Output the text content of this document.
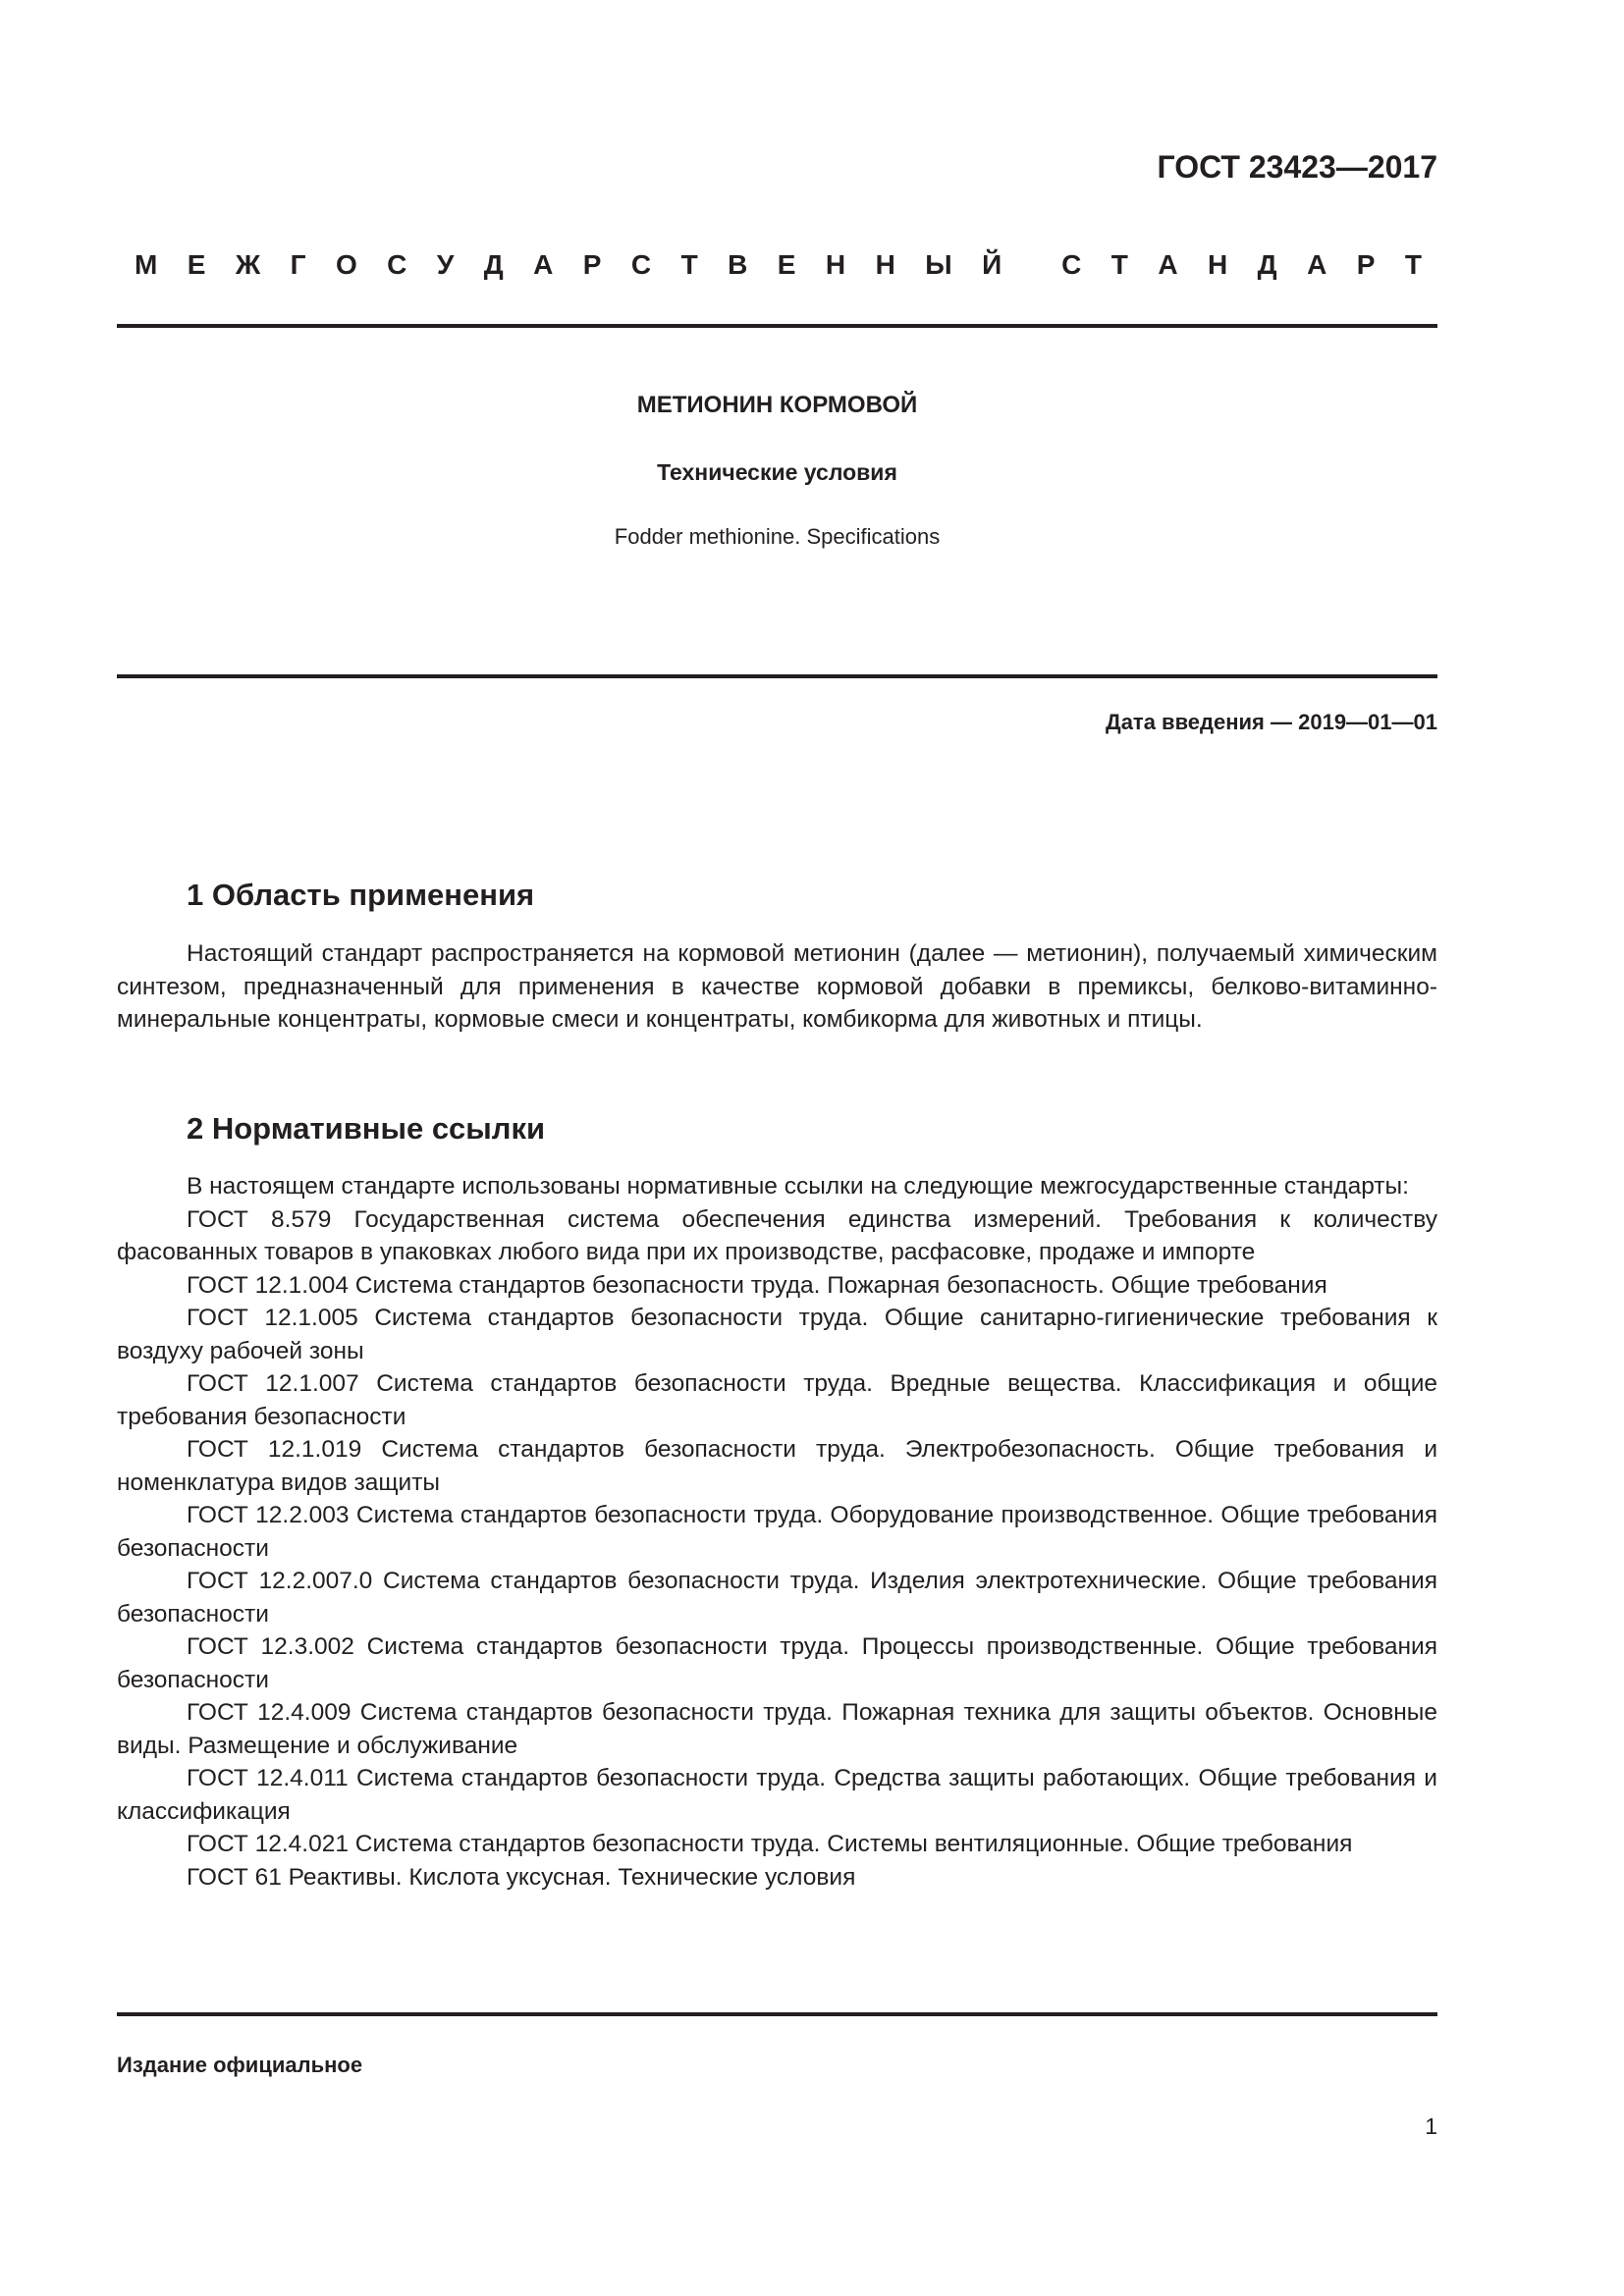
ГОСТ 23423—2017
М Е Ж Г О С У Д А Р С Т В Е Н Н Ы Й С Т А Н Д А Р Т
МЕТИОНИН КОРМОВОЙ
Технические условия
Fodder methionine. Specifications
Дата введения — 2019—01—01
1 Область применения

Настоящий стандарт распространяется на кормовой метионин (далее — метионин), получаемый химическим синтезом, предназначенный для применения в качестве кормовой добавки в премиксы, белково-витаминно-минеральные концентраты, кормовые смеси и концентраты, комбикорма для животных и птицы.

2 Нормативные ссылки

В настоящем стандарте использованы нормативные ссылки на следующие межгосударственные стандарты:

ГОСТ 8.579 Государственная система обеспечения единства измерений. Требования к количеству фасованных товаров в упаковках любого вида при их производстве, расфасовке, продаже и импорте

ГОСТ 12.1.004 Система стандартов безопасности труда. Пожарная безопасность. Общие требования

ГОСТ 12.1.005 Система стандартов безопасности труда. Общие санитарно-гигиенические требования к воздуху рабочей зоны

ГОСТ 12.1.007 Система стандартов безопасности труда. Вредные вещества. Классификация и общие требования безопасности

ГОСТ 12.1.019 Система стандартов безопасности труда. Электробезопасность. Общие требования и номенклатура видов защиты

ГОСТ 12.2.003 Система стандартов безопасности труда. Оборудование производственное. Общие требования безопасности

ГОСТ 12.2.007.0 Система стандартов безопасности труда. Изделия электротехнические. Общие требования безопасности

ГОСТ 12.3.002 Система стандартов безопасности труда. Процессы производственные. Общие требования безопасности

ГОСТ 12.4.009 Система стандартов безопасности труда. Пожарная техника для защиты объектов. Основные виды. Размещение и обслуживание

ГОСТ 12.4.011 Система стандартов безопасности труда. Средства защиты работающих. Общие требования и классификация

ГОСТ 12.4.021 Система стандартов безопасности труда. Системы вентиляционные. Общие требования

ГОСТ 61 Реактивы. Кислота уксусная. Технические условия

Издание официальное
1
